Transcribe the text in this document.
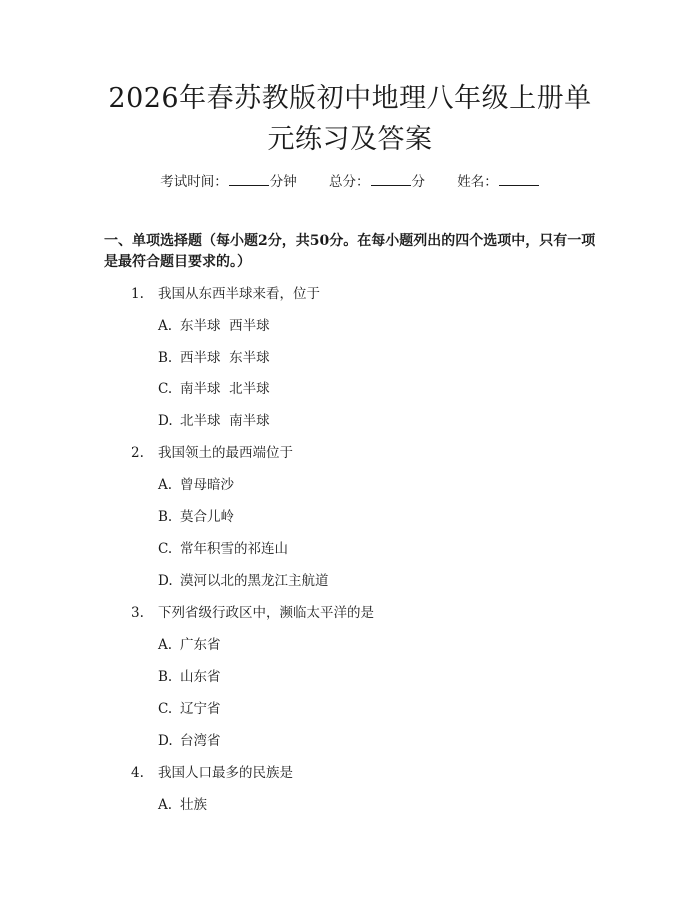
2026年春苏教版初中地理八年级上册单元练习及答案
考试时间：	分钟 总分：	分 姓名：
一、单项选择题（每小题2分，共50分。在每小题列出的四个选项中，只有一项是最符合题目要求的。）
1. 我国从东西半球来看，位于
A. 东半球  西半球
B. 西半球  东半球
C. 南半球  北半球
D. 北半球  南半球
2. 我国领土的最西端位于
A. 曾母暗沙
B. 莫合儿岭
C. 常年积雪的祁连山
D. 漠河以北的黑龙江主航道
3. 下列省级行政区中，濒临太平洋的是
A. 广东省
B. 山东省
C. 辽宁省
D. 台湾省
4. 我国人口最多的民族是
A. 壮族
